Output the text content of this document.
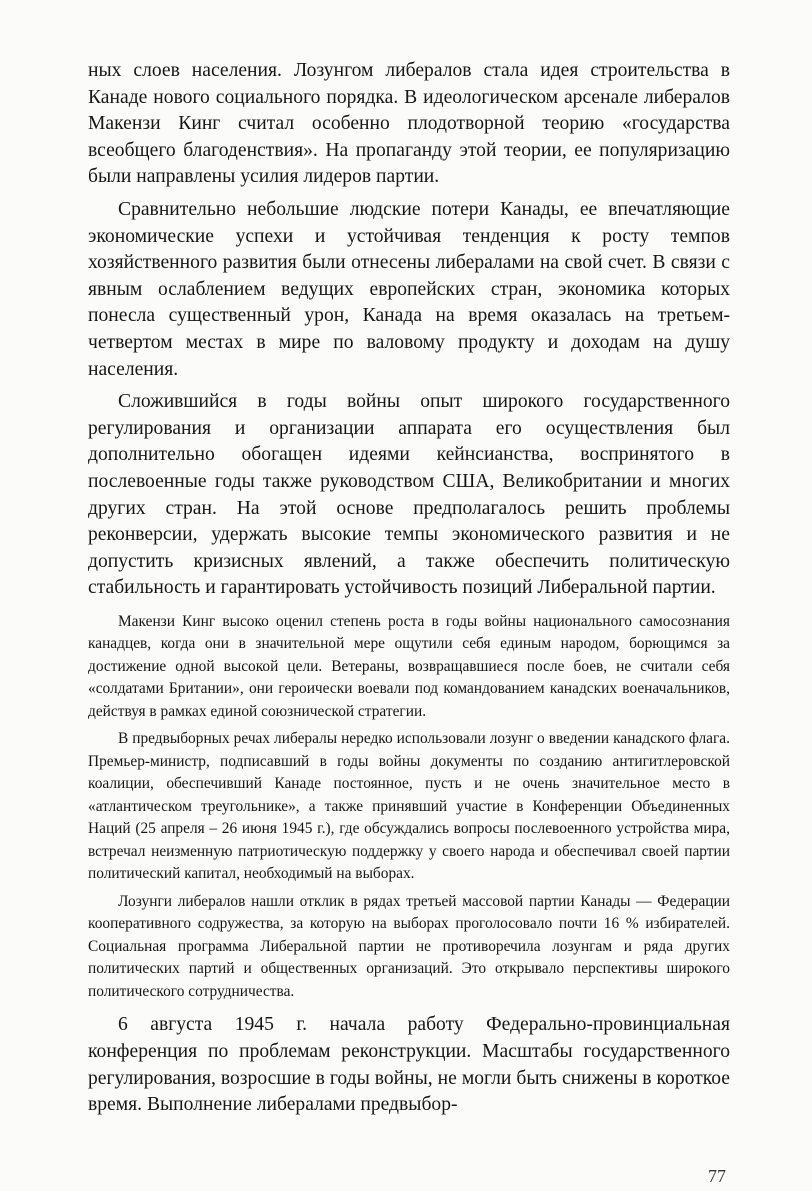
ных слоев населения. Лозунгом либералов стала идея строительства в Канаде нового социального порядка. В идеологическом арсенале либералов Макензи Кинг считал особенно плодотворной теорию «государства всеобщего благоденствия». На пропаганду этой теории, ее популяризацию были направлены усилия лидеров партии.

Сравнительно небольшие людские потери Канады, ее впечатляющие экономические успехи и устойчивая тенденция к росту темпов хозяйственного развития были отнесены либералами на свой счет. В связи с явным ослаблением ведущих европейских стран, экономика которых понесла существенный урон, Канада на время оказалась на третьем-четвертом местах в мире по валовому продукту и доходам на душу населения.

Сложившийся в годы войны опыт широкого государственного регулирования и организации аппарата его осуществления был дополнительно обогащен идеями кейнсианства, воспринятого в послевоенные годы также руководством США, Великобритании и многих других стран. На этой основе предполагалось решить проблемы реконверсии, удержать высокие темпы экономического развития и не допустить кризисных явлений, а также обеспечить политическую стабильность и гарантировать устойчивость позиций Либеральной партии.

Макензи Кинг высоко оценил степень роста в годы войны национального самосознания канадцев, когда они в значительной мере ощутили себя единым народом, борющимся за достижение одной высокой цели. Ветераны, возвращавшиеся после боев, не считали себя «солдатами Британии», они героически воевали под командованием канадских военачальников, действуя в рамках единой союзнической стратегии.

В предвыборных речах либералы нередко использовали лозунг о введении канадского флага. Премьер-министр, подписавший в годы войны документы по созданию антигитлеровской коалиции, обеспечивший Канаде постоянное, пусть и не очень значительное место в «атлантическом треугольнике», а также принявший участие в Конференции Объединенных Наций (25 апреля – 26 июня 1945 г.), где обсуждались вопросы послевоенного устройства мира, встречал неизменную патриотическую поддержку у своего народа и обеспечивал своей партии политический капитал, необходимый на выборах.

Лозунги либералов нашли отклик в рядах третьей массовой партии Канады — Федерации кооперативного содружества, за которую на выборах проголосовало почти 16 % избирателей. Социальная программа Либеральной партии не противоречила лозунгам и ряда других политических партий и общественных организаций. Это открывало перспективы широкого политического сотрудничества.

6 августа 1945 г. начала работу Федерально-провинциальная конференция по проблемам реконструкции. Масштабы государственного регулирования, возросшие в годы войны, не могли быть снижены в короткое время. Выполнение либералами предвыбор-

77
